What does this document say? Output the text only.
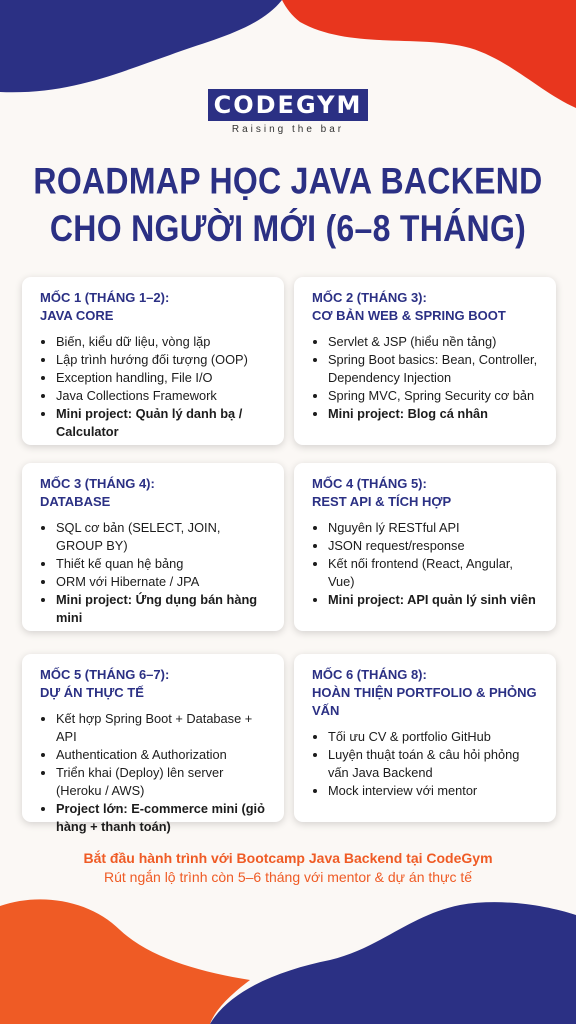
CODEGYM
Raising the bar
ROADMAP HỌC JAVA BACKEND
CHO NGƯỜI MỚI (6–8 THÁNG)
MỐC 1 (THÁNG 1–2):
JAVA CORE
• Biến, kiểu dữ liệu, vòng lặp
• Lập trình hướng đối tượng (OOP)
• Exception handling, File I/O
• Java Collections Framework
• Mini project: Quản lý danh bạ / Calculator
MỐC 2 (THÁNG 3):
CƠ BẢN WEB & SPRING BOOT
• Servlet & JSP (hiểu nền tảng)
• Spring Boot basics: Bean, Controller, Dependency Injection
• Spring MVC, Spring Security cơ bản
• Mini project: Blog cá nhân
MỐC 3 (THÁNG 4):
DATABASE
• SQL cơ bản (SELECT, JOIN, GROUP BY)
• Thiết kế quan hệ bảng
• ORM với Hibernate / JPA
• Mini project: Ứng dụng bán hàng mini
MỐC 4 (THÁNG 5):
REST API & TÍCH HỢP
• Nguyên lý RESTful API
• JSON request/response
• Kết nối frontend (React, Angular, Vue)
• Mini project: API quản lý sinh viên
MỐC 5 (THÁNG 6–7):
DỰ ÁN THỰC TẾ
• Kết hợp Spring Boot + Database + API
• Authentication & Authorization
• Triển khai (Deploy) lên server (Heroku / AWS)
• Project lớn: E-commerce mini (giỏ hàng + thanh toán)
MỐC 6 (THÁNG 8):
HOÀN THIỆN PORTFOLIO & PHỎNG VẤN
• Tối ưu CV & portfolio GitHub
• Luyện thuật toán & câu hỏi phỏng vấn Java Backend
• Mock interview với mentor
Bắt đầu hành trình với Bootcamp Java Backend tại CodeGym
Rút ngắn lộ trình còn 5–6 tháng với mentor & dự án thực tế
